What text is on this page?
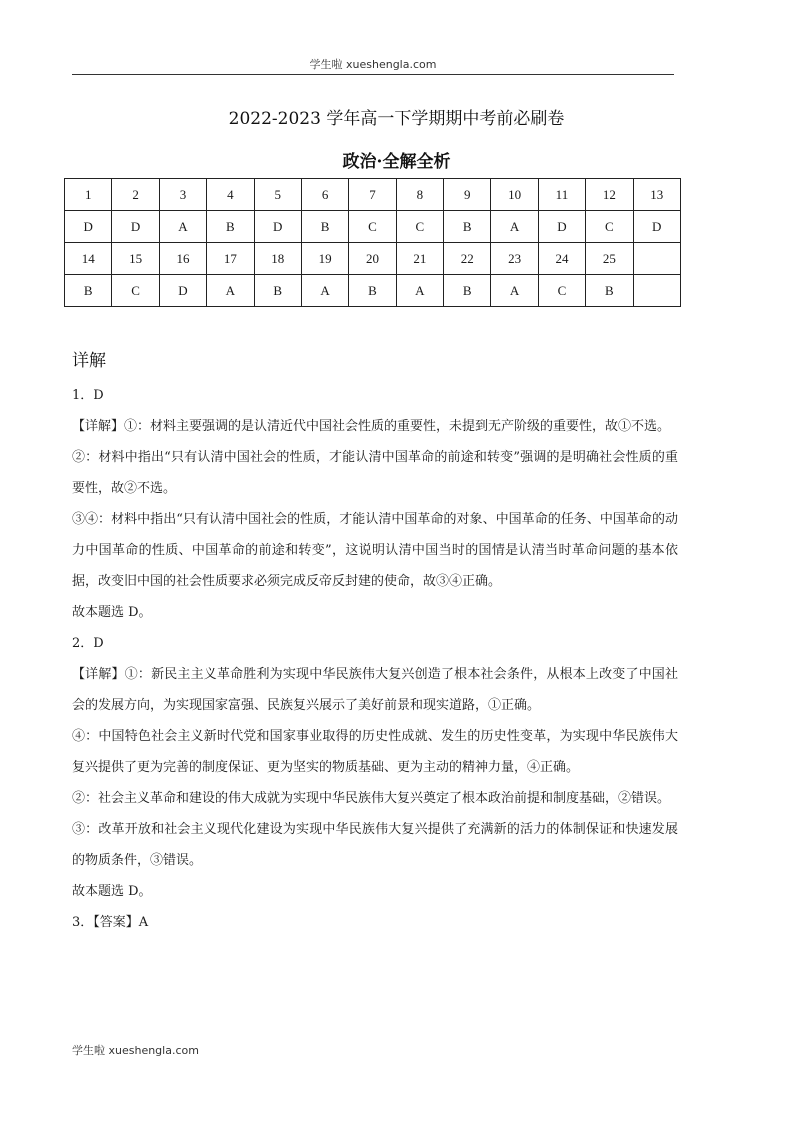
学生啦 xueshengla.com
2022-2023 学年高一下学期期中考前必刷卷
政治·全解全析
1	2	3	4	5	6	7	8	9	10	11	12	13
D	D	A	B	D	B	C	C	B	A	D	C	D
14	15	16	17	18	19	20	21	22	23	24	25	
B	C	D	A	B	A	B	A	B	A	C	B	
详解

1．D

【详解】①：材料主要强调的是认清近代中国社会性质的重要性，未提到无产阶级的重要性，故①不选。

②：材料中指出“只有认清中国社会的性质，才能认清中国革命的前途和转变”强调的是明确社会性质的重要性，故②不选。

③④：材料中指出“只有认清中国社会的性质，才能认清中国革命的对象、中国革命的任务、中国革命的动力中国革命的性质、中国革命的前途和转变”，这说明认清中国当时的国情是认清当时革命问题的基本依据，改变旧中国的社会性质要求必须完成反帝反封建的使命，故③④正确。

故本题选 D。

2．D

【详解】①：新民主主义革命胜利为实现中华民族伟大复兴创造了根本社会条件，从根本上改变了中国社会的发展方向，为实现国家富强、民族复兴展示了美好前景和现实道路，①正确。

④：中国特色社会主义新时代党和国家事业取得的历史性成就、发生的历史性变革，为实现中华民族伟大复兴提供了更为完善的制度保证、更为坚实的物质基础、更为主动的精神力量，④正确。

②：社会主义革命和建设的伟大成就为实现中华民族伟大复兴奠定了根本政治前提和制度基础，②错误。

③：改革开放和社会主义现代化建设为实现中华民族伟大复兴提供了充满新的活力的体制保证和快速发展的物质条件，③错误。

故本题选 D。

3．【答案】A

学生啦 xueshengla.com
